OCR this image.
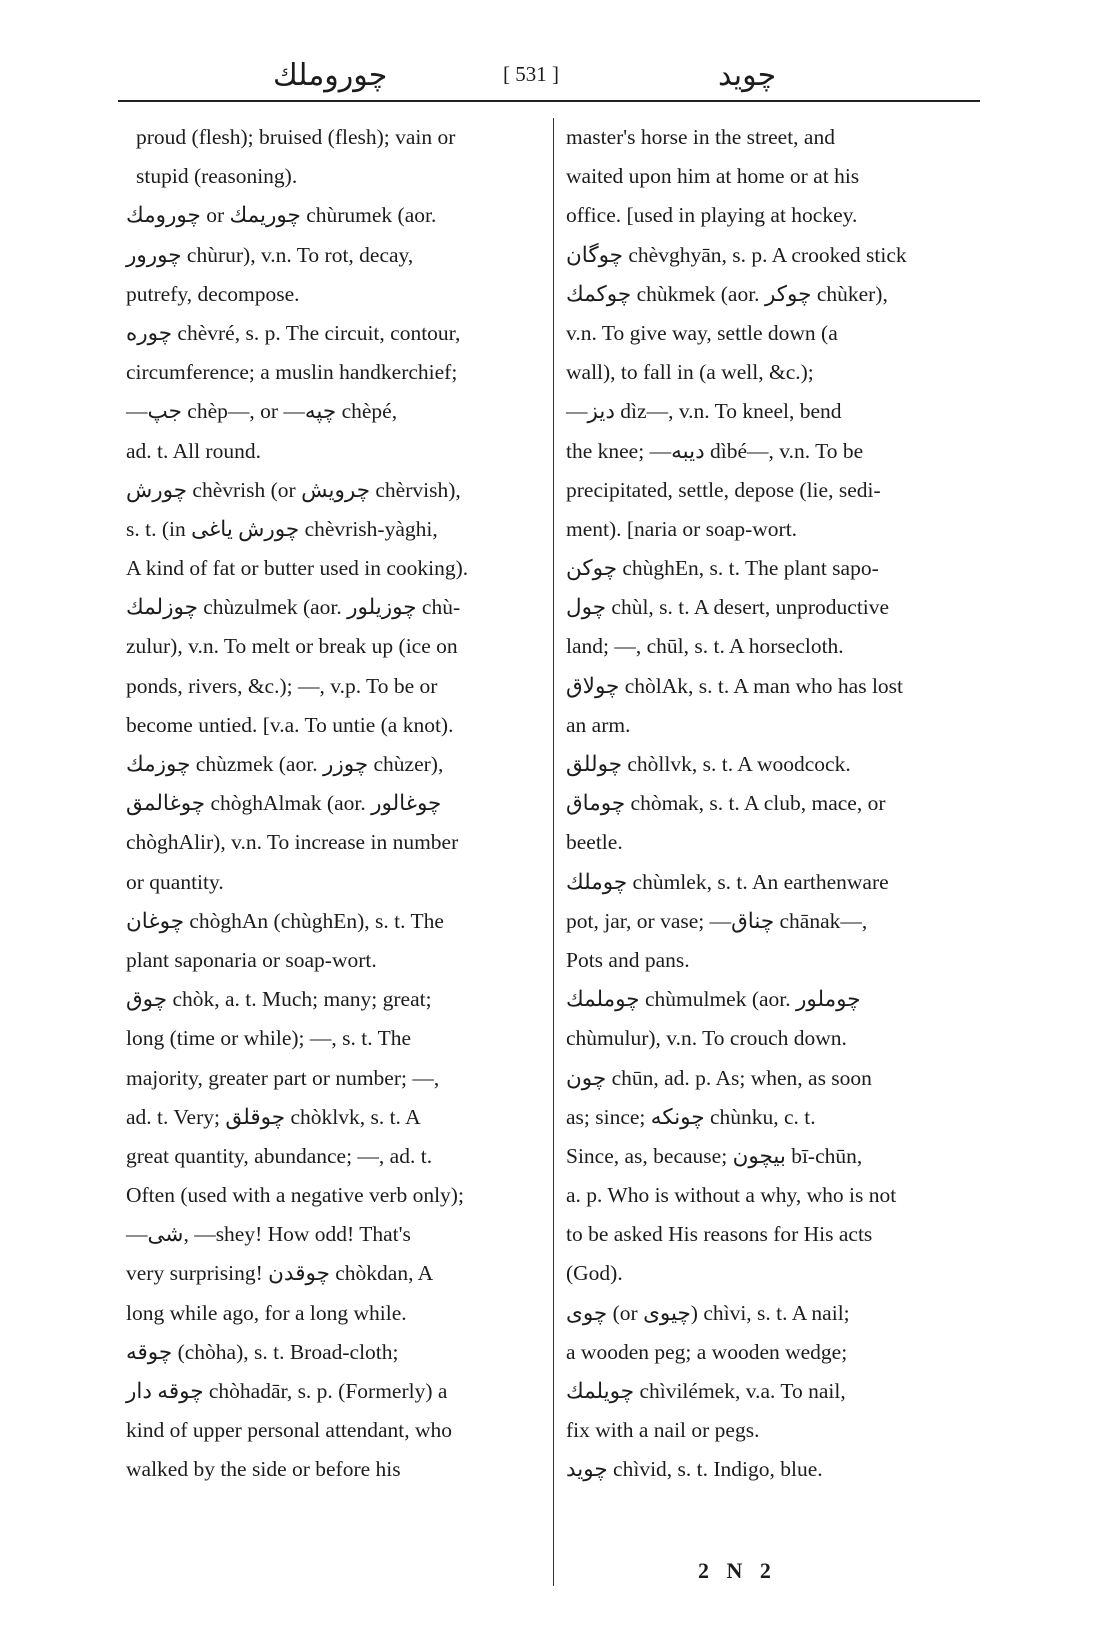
چوروملك	[ 531 ]	چويد
proud (flesh); bruised (flesh); vain or
stupid (reasoning).
چورومك or چوريمك chùrumek (aor.
چورور chùrur), v.n. To rot, decay,
putrefy, decompose.
چوره chèvré, s. p. The circuit, contour,
circumference; a muslin handkerchief;
—جپ chèp—, or —چپه chèpé,
ad. t. All round.
چورش chèvrish (or چرويش chèrvish),
s. t. (in چورش ياغى chèvrish-yàghi,
A kind of fat or butter used in cooking).
چوزلمك chùzulmek (aor. چوزيلور chù-
zulur), v.n. To melt or break up (ice on
ponds, rivers, &c.); —, v.p. To be or
become untied. [v.a. To untie (a knot).
چوزمك chùzmek (aor. چوزر chùzer),
چوغالمق chòghAlmak (aor. چوغالور
chòghAlir), v.n. To increase in number
or quantity.
چوغان chòghAn (chùghEn), s. t. The
plant saponaria or soap-wort.
چوق chòk, a. t. Much; many; great;
long (time or while); —, s. t. The
majority, greater part or number; —,
ad. t. Very; چوقلق chòklvk, s. t. A
great quantity, abundance; —, ad. t.
Often (used with a negative verb only);
—شى, —shey! How odd! That's
very surprising! چوقدن chòkdan, A
long while ago, for a long while.
چوقه (chòha), s. t. Broad-cloth;
چوقه دار chòhadār, s. p. (Formerly) a
kind of upper personal attendant, who
walked by the side or before his
master's horse in the street, and
waited upon him at home or at his
office. [used in playing at hockey.
چوگان chèvghyān, s. p. A crooked stick
چوكمك chùkmek (aor. چوكر chùker),
v.n. To give way, settle down (a
wall), to fall in (a well, &c.);
—ديز dìz—, v.n. To kneel, bend
the knee; —ديبه dìbé—, v.n. To be
precipitated, settle, depose (lie, sedi-
ment). [naria or soap-wort.
چوكن chùghEn, s. t. The plant sapo-
چول chùl, s. t. A desert, unproductive
land; —, chūl, s. t. A horsecloth.
چولاق chòlAk, s. t. A man who has lost
an arm.
چوللق chòllvk, s. t. A woodcock.
چوماق chòmak, s. t. A club, mace, or
beetle.
چوملك chùmlek, s. t. An earthenware
pot, jar, or vase; —چناق chānak—,
Pots and pans.
چوملمك chùmulmek (aor. چوملور
chùmulur), v.n. To crouch down.
چون chūn, ad. p. As; when, as soon
as; since; چونكه chùnku, c. t.
Since, as, because; بيچون bī-chūn,
a. p. Who is without a why, who is not
to be asked His reasons for His acts
(God).
چوى (or چيوى) chìvi, s. t. A nail;
a wooden peg; a wooden wedge;
چويلمك chìvilémek, v.a. To nail,
fix with a nail or pegs.
چويد chìvid, s. t. Indigo, blue.
2 N 2
